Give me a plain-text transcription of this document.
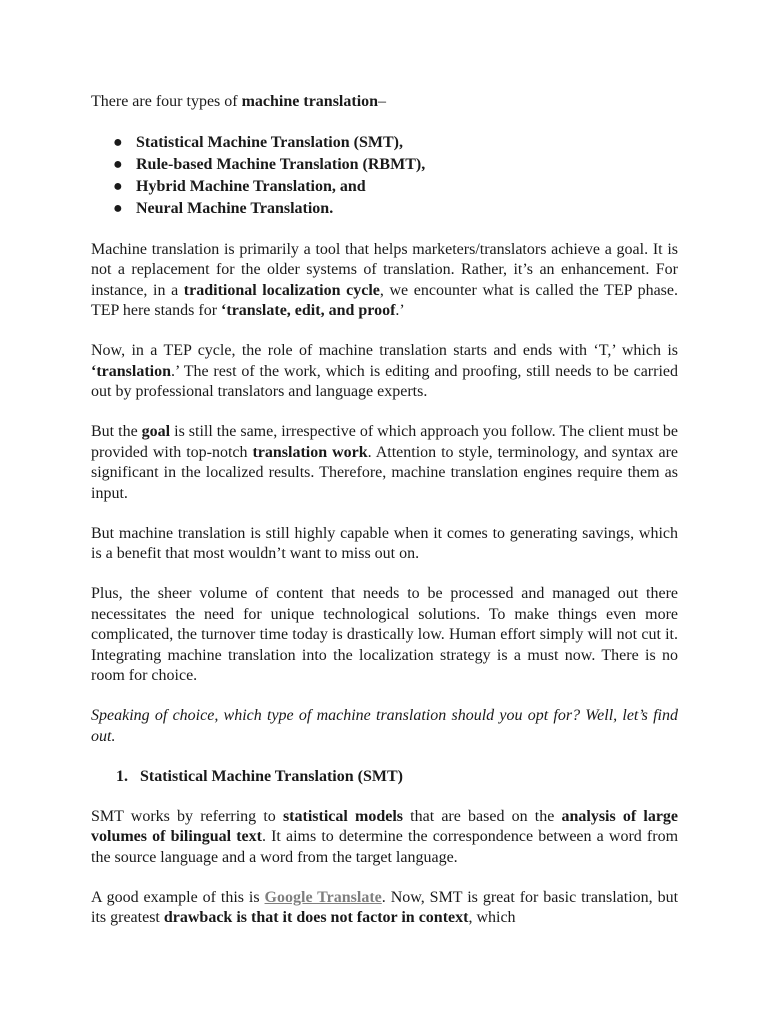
There are four types of machine translation–

● Statistical Machine Translation (SMT),
● Rule-based Machine Translation (RBMT),
● Hybrid Machine Translation, and
● Neural Machine Translation.

Machine translation is primarily a tool that helps marketers/translators achieve a goal. It is not a replacement for the older systems of translation. Rather, it’s an enhancement. For instance, in a traditional localization cycle, we encounter what is called the TEP phase. TEP here stands for ‘translate, edit, and proof.’

Now, in a TEP cycle, the role of machine translation starts and ends with ‘T,’ which is ‘translation.’ The rest of the work, which is editing and proofing, still needs to be carried out by professional translators and language experts.

But the goal is still the same, irrespective of which approach you follow. The client must be provided with top-notch translation work. Attention to style, terminology, and syntax are significant in the localized results. Therefore, machine translation engines require them as input.

But machine translation is still highly capable when it comes to generating savings, which is a benefit that most wouldn’t want to miss out on.

Plus, the sheer volume of content that needs to be processed and managed out there necessitates the need for unique technological solutions. To make things even more complicated, the turnover time today is drastically low. Human effort simply will not cut it. Integrating machine translation into the localization strategy is a must now. There is no room for choice.

Speaking of choice, which type of machine translation should you opt for? Well, let’s find out.

1. Statistical Machine Translation (SMT)

SMT works by referring to statistical models that are based on the analysis of large volumes of bilingual text. It aims to determine the correspondence between a word from the source language and a word from the target language.

A good example of this is Google Translate. Now, SMT is great for basic translation, but its greatest drawback is that it does not factor in context, which
